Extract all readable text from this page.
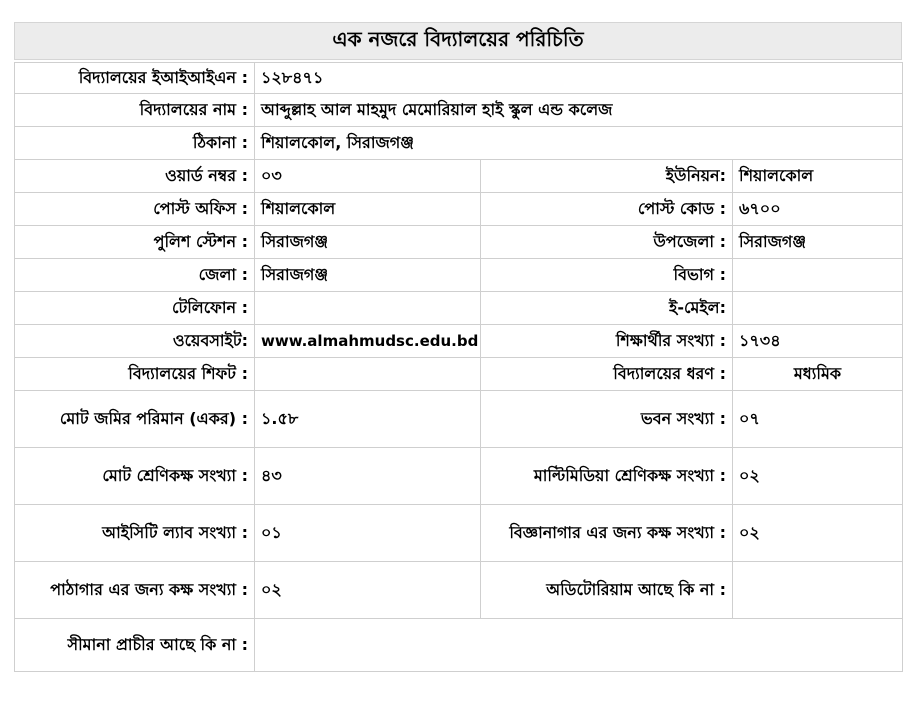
এক নজরে বিদ্যালয়ের পরিচিতি
বিদ্যালয়ের ইআইআইএন :	১২৮৪৭১		
বিদ্যালয়ের নাম :	আব্দুল্লাহ আল মাহমুদ মেমোরিয়াল হাই স্কুল এন্ড কলেজ		
ঠিকানা :	শিয়ালকোল, সিরাজগঞ্জ		
ওয়ার্ড নম্বর :	০৩	ইউনিয়ন:	শিয়ালকোল
পোস্ট অফিস :	শিয়ালকোল	পোস্ট কোড :	৬৭০০
পুলিশ স্টেশন :	সিরাজগঞ্জ	উপজেলা :	সিরাজগঞ্জ
জেলা :	সিরাজগঞ্জ	বিভাগ :	
টেলিফোন :		ই-মেইল:	
ওয়েবসাইট:	www.almahmudsc.edu.bd	শিক্ষার্থীর সংখ্যা :	১৭৩৪
বিদ্যালয়ের শিফট :		বিদ্যালয়ের ধরণ :	মধ্যমিক
মোট জমির পরিমান (একর) :	১.৫৮	ভবন সংখ্যা :	০৭
মোট শ্রেণিকক্ষ সংখ্যা :	৪৩	মাল্টিমিডিয়া শ্রেণিকক্ষ সংখ্যা :	০২
আইসিটি ল্যাব সংখ্যা :	০১	বিজ্ঞানাগার এর জন্য কক্ষ সংখ্যা :	০২
পাঠাগার এর জন্য কক্ষ সংখ্যা :	০২	অডিটোরিয়াম আছে কি না :	
সীমানা প্রাচীর আছে কি না :			
